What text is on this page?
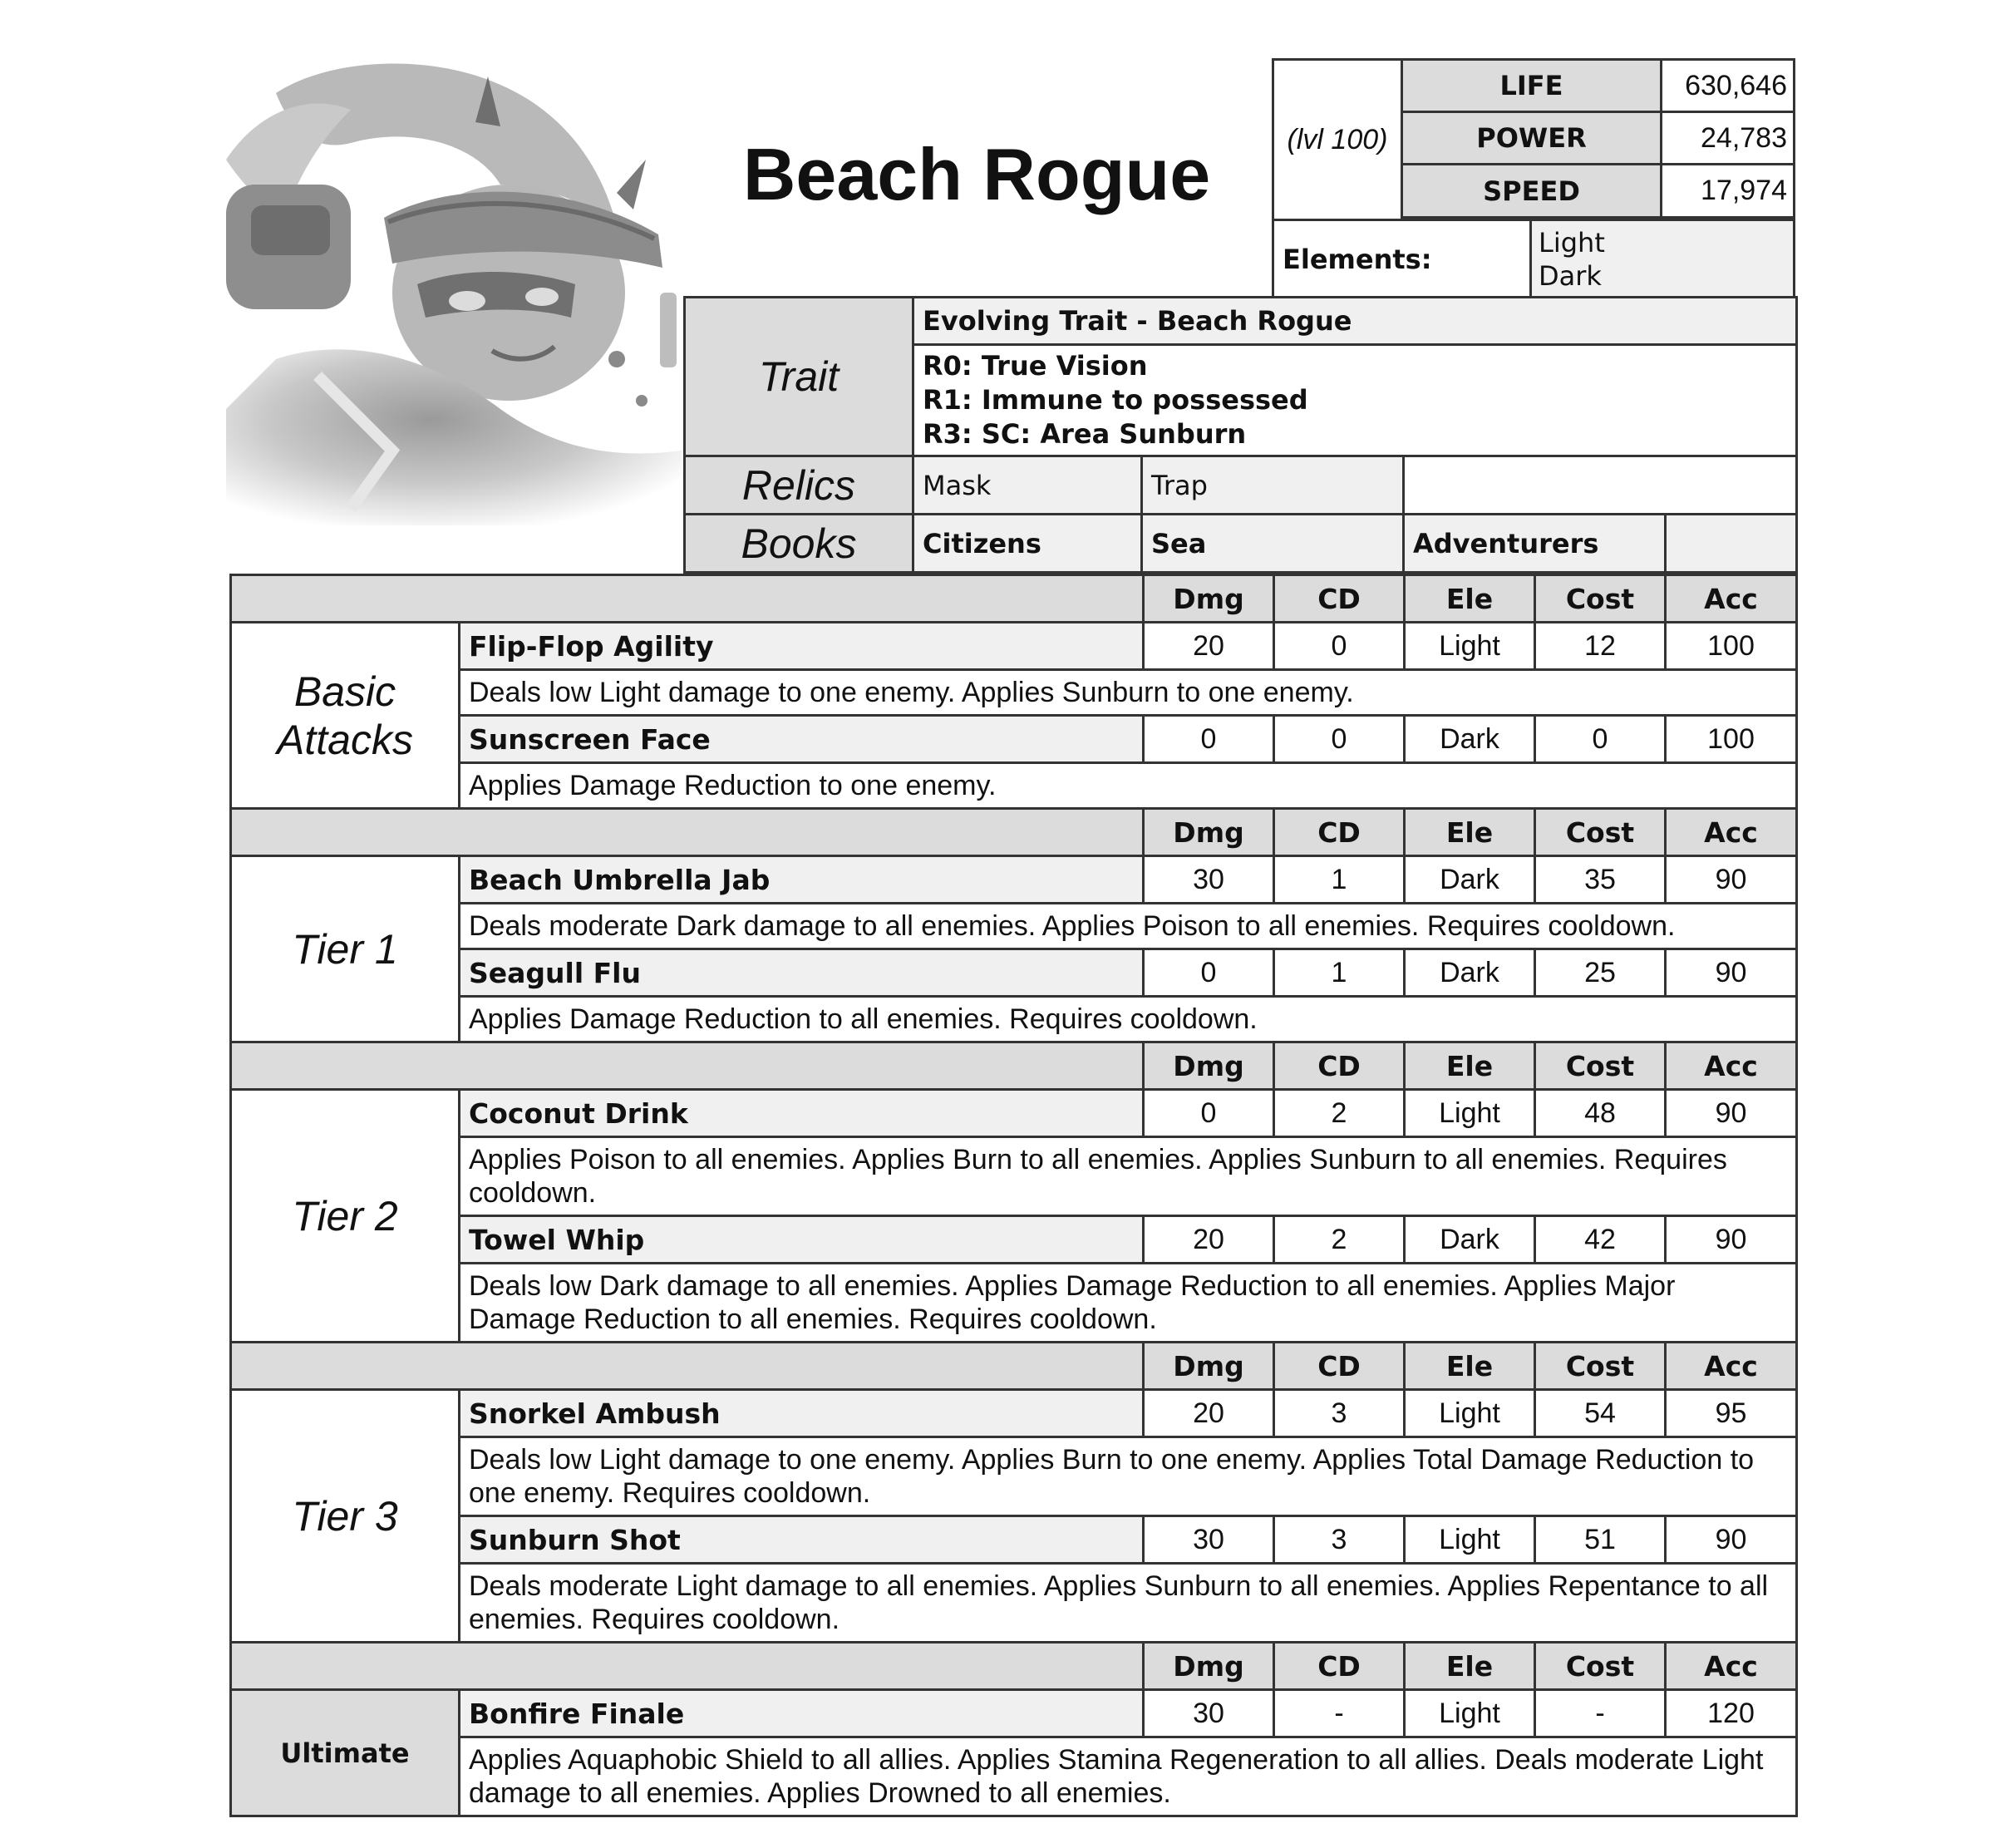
Beach Rogue	(lvl 100)
LIFE	630,646
POWER	24,783
SPEED	17,974
Elements:
Light
Dark
Trait	Evolving Trait - Beach Rogue			

	R0: True Vision
R1: Immune to possessed
R3: SC: Area Sunburn			

Relics	Mask	Trap		
Books	Citizens	Sea	Adventurers	
		Dmg	CD	Ele	Cost	Acc
Basic Attacks	Flip-Flop Agility	20	0	Light	12	100
	Deals low Light damage to one enemy. Applies Sunburn to one enemy.					
	Sunscreen Face	0	0	Dark	0	100
	Applies Damage Reduction to one enemy.					
		Dmg	CD	Ele	Cost	Acc
Tier 1	Beach Umbrella Jab	30	1	Dark	35	90
	Deals moderate Dark damage to all enemies. Applies Poison to all enemies. Requires cooldown.					
	Seagull Flu	0	1	Dark	25	90
	Applies Damage Reduction to all enemies. Requires cooldown.					
		Dmg	CD	Ele	Cost	Acc
Tier 2	Coconut Drink	0	2	Light	48	90
	Applies Poison to all enemies. Applies Burn to all enemies. Applies Sunburn to all enemies. Requires cooldown.					
	Towel Whip	20	2	Dark	42	90
	Deals low Dark damage to all enemies. Applies Damage Reduction to all enemies. Applies Major Damage Reduction to all enemies. Requires cooldown.					
		Dmg	CD	Ele	Cost	Acc
Tier 3	Snorkel Ambush	20	3	Light	54	95
	Deals low Light damage to one enemy. Applies Burn to one enemy. Applies Total Damage Reduction to one enemy. Requires cooldown.					
	Sunburn Shot	30	3	Light	51	90
	Deals moderate Light damage to all enemies. Applies Sunburn to all enemies. Applies Repentance to all enemies. Requires cooldown.					
		Dmg	CD	Ele	Cost	Acc
Ultimate	Bonfire Finale	30	-	Light	-	120
	Applies Aquaphobic Shield to all allies. Applies Stamina Regeneration to all allies. Deals moderate Light damage to all enemies. Applies Drowned to all enemies.					
